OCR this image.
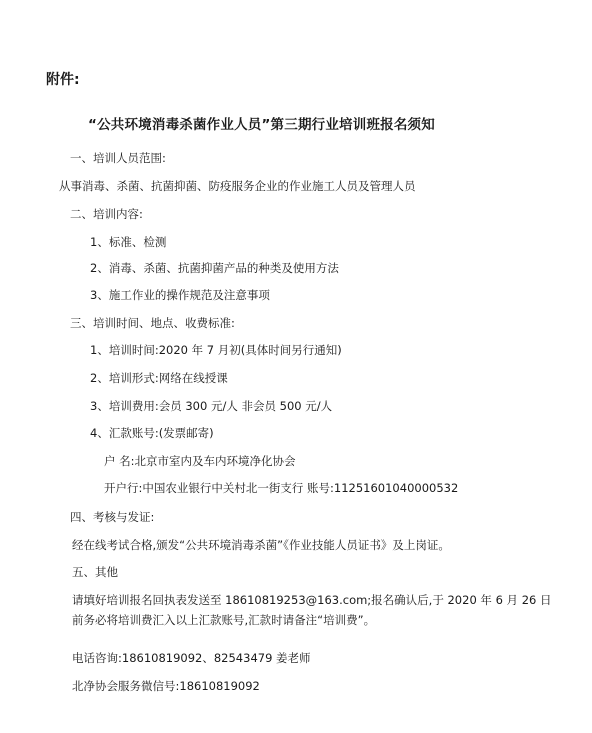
附件:
“公共环境消毒杀菌作业人员”第三期行业培训班报名须知
一、培训人员范围:
从事消毒、杀菌、抗菌抑菌、防疫服务企业的作业施工人员及管理人员
二、培训内容:
1、标准、检测
2、消毒、杀菌、抗菌抑菌产品的种类及使用方法
3、施工作业的操作规范及注意事项
三、培训时间、地点、收费标准:
1、培训时间:2020 年 7 月初(具体时间另行通知)
2、培训形式:网络在线授课
3、培训费用:会员 300 元/人 非会员 500 元/人
4、汇款账号:(发票邮寄)
户 名:北京市室内及车内环境净化协会
开户行:中国农业银行中关村北一街支行 账号:11251601040000532
四、考核与发证:
经在线考试合格,颁发“公共环境消毒杀菌”《作业技能人员证书》及上岗证。
五、其他
请填好培训报名回执表发送至 18610819253@163.com;报名确认后,于 2020 年 6 月 26 日
前务必将培训费汇入以上汇款账号,汇款时请备注“培训费”。
电话咨询:18610819092、82543479 姜老师
北净协会服务微信号:18610819092
